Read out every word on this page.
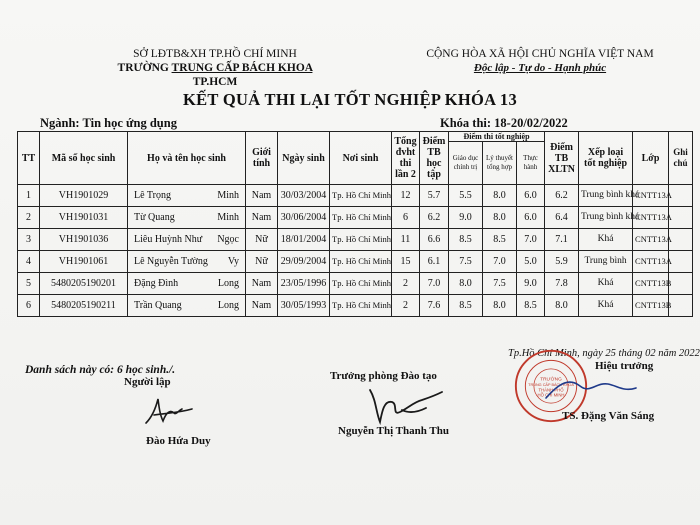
SỞ LĐTB&XH TP.HỒ CHÍ MINH
TRƯỜNG TRUNG CẤP BÁCH KHOA TP.HCM
CỘNG HÒA XÃ HỘI CHỦ NGHĨA VIỆT NAM
Độc lập - Tự do - Hạnh phúc
KẾT QUẢ THI LẠI TỐT NGHIỆP KHÓA 13
Ngành: Tin học ứng dụng	Khóa thi: 18-20/02/2022
TT	Mã số học sinh	Họ và tên học sinh	Giới tính	Ngày sinh	Nơi sinh	Tổng đvht thi lần 2	Điểm TB học tập	Điểm thi tốt nghiệp			Điểm TB XLTN	Xếp loại tốt nghiệp	Lớp	Ghi chú
								Giáo dục chính trị	Lý thuyết tổng hợp	Thực hành				
1	VH1901029	Lê Trọng Minh	Nam	30/03/2004	Tp. Hồ Chí Minh	12	5.7	5.5	8.0	6.0	6.2	Trung bình khá	CNTT13A	
2	VH1901031	Từ Quang Minh	Nam	30/06/2004	Tp. Hồ Chí Minh	6	6.2	9.0	8.0	6.0	6.4	Trung bình khá	CNTT13A	
3	VH1901036	Liêu Huỳnh Như Ngọc	Nữ	18/01/2004	Tp. Hồ Chí Minh	11	6.6	8.5	8.5	7.0	7.1	Khá	CNTT13A	
4	VH1901061	Lê Nguyễn Tường Vy	Nữ	29/09/2004	Tp. Hồ Chí Minh	15	6.1	7.5	7.0	5.0	5.9	Trung bình	CNTT13A	
5	5480205190201	Đặng Đình Long	Nam	23/05/1996	Tp. Hồ Chí Minh	2	7.0	8.0	7.5	9.0	7.8	Khá	CNTT13B	
6	5480205190211	Trần Quang Long	Nam	30/05/1993	Tp. Hồ Chí Minh	2	7.6	8.5	8.0	8.5	8.0	Khá	CNTT13B	
Danh sách này có: 6 học sinh./.
Người lập
Đào Hứa Duy
Trưởng phòng Đào tạo
Nguyễn Thị Thanh Thu
Tp.Hồ Chí Minh, ngày 25 tháng 02 năm 2022
Hiệu trưởng
TRƯỜNG
TRUNG CẤP BÁCH KHOA
THÀNH PHỐ
HỒ CHÍ MINH
TS. Đặng Văn Sáng
